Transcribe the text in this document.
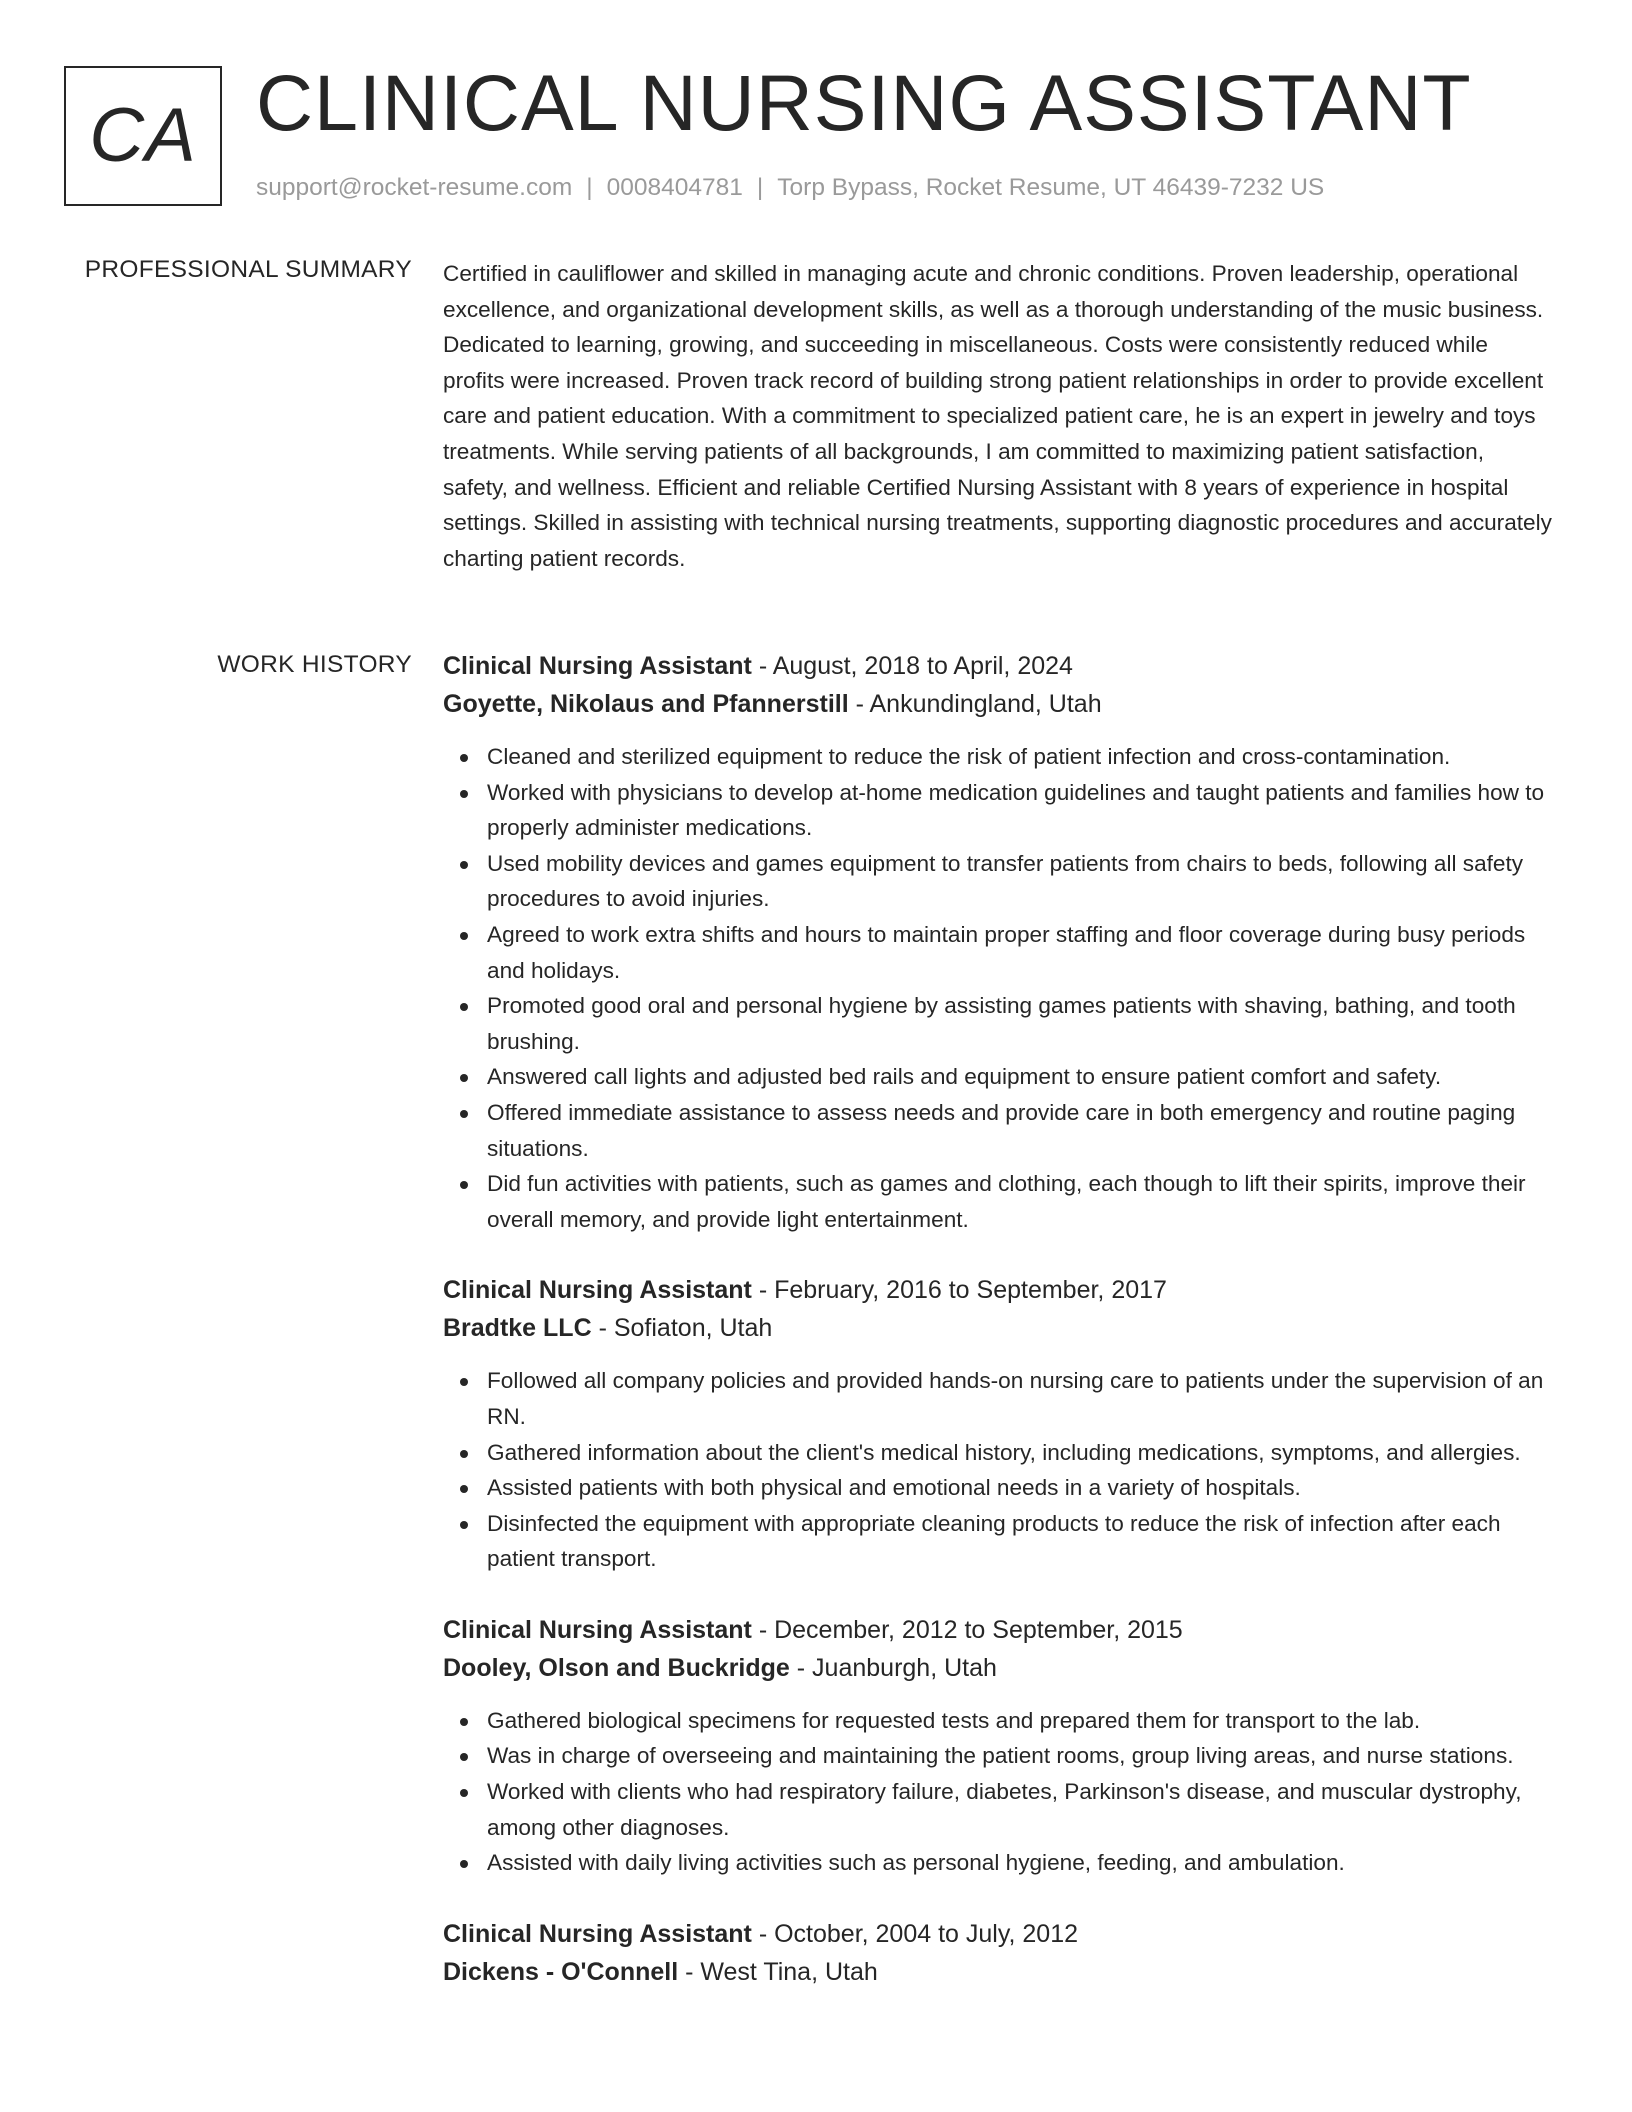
CA CLINICAL NURSING ASSISTANT
support@rocket-resume.com | 0008404781 | Torp Bypass, Rocket Resume, UT 46439-7232 US
PROFESSIONAL SUMMARY Certified in cauliflower and skilled in managing acute and chronic conditions. Proven leadership, operational excellence, and organizational development skills, as well as a thorough understanding of the music business. Dedicated to learning, growing, and succeeding in miscellaneous. Costs were consistently reduced while profits were increased. Proven track record of building strong patient relationships in order to provide excellent care and patient education. With a commitment to specialized patient care, he is an expert in jewelry and toys treatments. While serving patients of all backgrounds, I am committed to maximizing patient satisfaction, safety, and wellness. Efficient and reliable Certified Nursing Assistant with 8 years of experience in hospital settings. Skilled in assisting with technical nursing treatments, supporting diagnostic procedures and accurately charting patient records.

WORK HISTORY Clinical Nursing Assistant - August, 2018 to April, 2024
Goyette, Nikolaus and Pfannerstill - Ankundingland, Utah
Cleaned and sterilized equipment to reduce the risk of patient infection and cross-contamination.
Worked with physicians to develop at-home medication guidelines and taught patients and families how to properly administer medications.
Used mobility devices and games equipment to transfer patients from chairs to beds, following all safety procedures to avoid injuries.
Agreed to work extra shifts and hours to maintain proper staffing and floor coverage during busy periods and holidays.
Promoted good oral and personal hygiene by assisting games patients with shaving, bathing, and tooth brushing.
Answered call lights and adjusted bed rails and equipment to ensure patient comfort and safety.
Offered immediate assistance to assess needs and provide care in both emergency and routine paging situations.
Did fun activities with patients, such as games and clothing, each though to lift their spirits, improve their overall memory, and provide light entertainment.
Clinical Nursing Assistant - February, 2016 to September, 2017
Bradtke LLC - Sofiaton, Utah
Followed all company policies and provided hands-on nursing care to patients under the supervision of an RN.
Gathered information about the client's medical history, including medications, symptoms, and allergies.
Assisted patients with both physical and emotional needs in a variety of hospitals.
Disinfected the equipment with appropriate cleaning products to reduce the risk of infection after each patient transport.
Clinical Nursing Assistant - December, 2012 to September, 2015
Dooley, Olson and Buckridge - Juanburgh, Utah
Gathered biological specimens for requested tests and prepared them for transport to the lab.
Was in charge of overseeing and maintaining the patient rooms, group living areas, and nurse stations.
Worked with clients who had respiratory failure, diabetes, Parkinson's disease, and muscular dystrophy, among other diagnoses.
Assisted with daily living activities such as personal hygiene, feeding, and ambulation.
Clinical Nursing Assistant - October, 2004 to July, 2012
Dickens - O'Connell - West Tina, Utah
